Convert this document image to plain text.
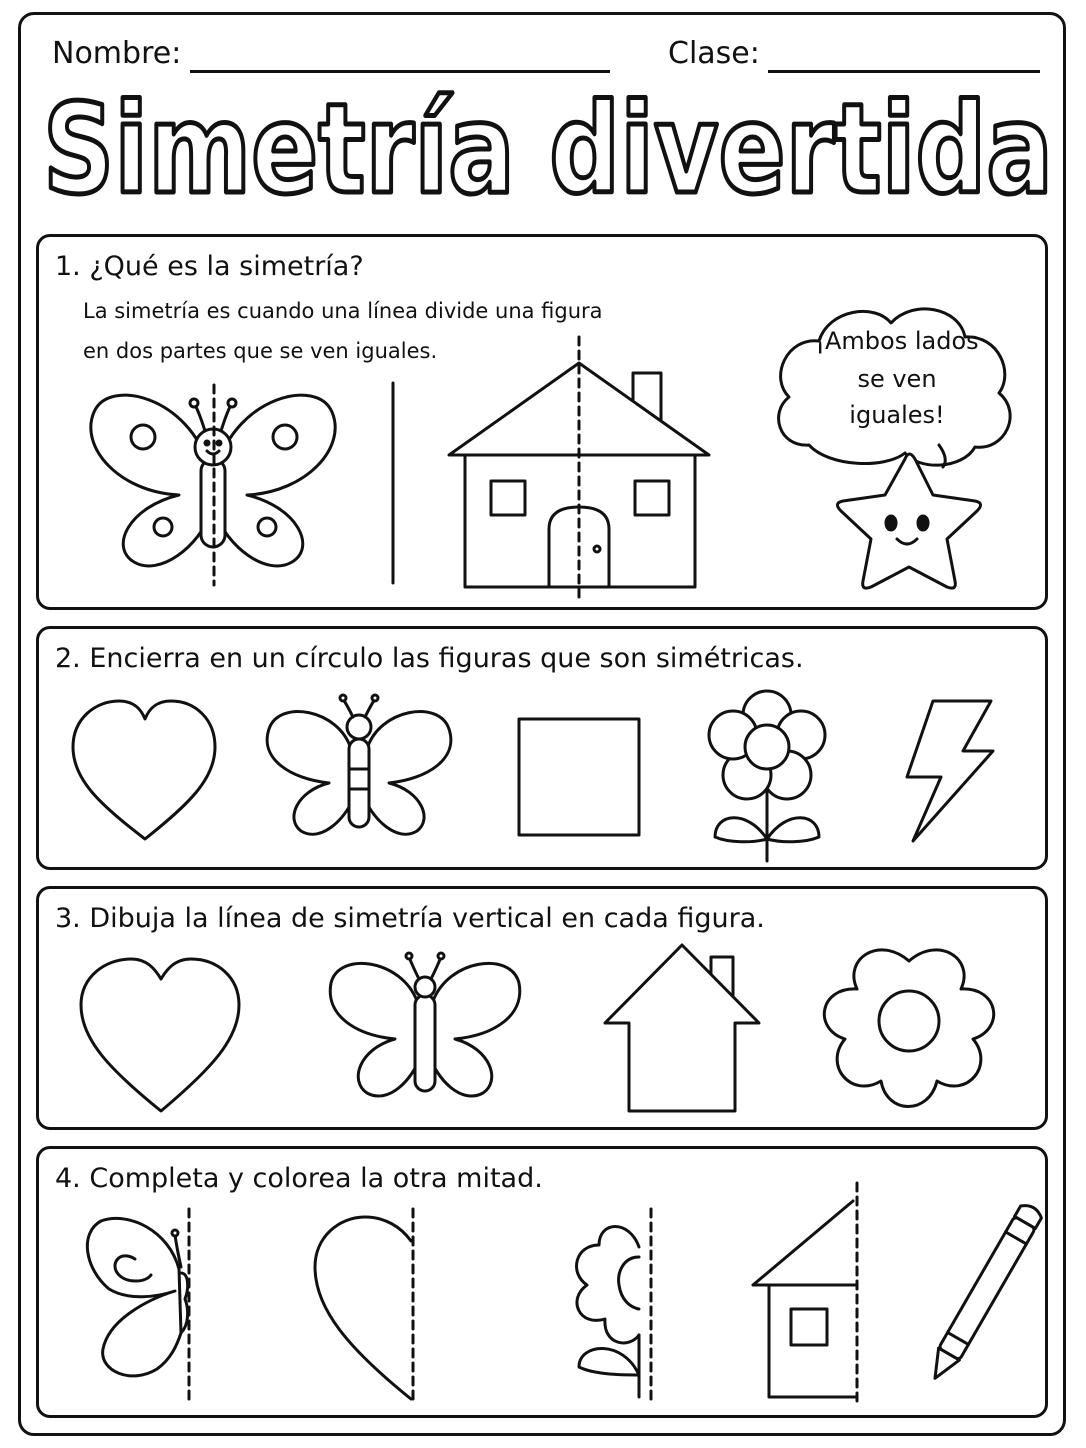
Nombre:	Clase:
Simetría divertida
1. ¿Qué es la simetría?
La simetría es cuando una línea divide una figura
en dos partes que se ven iguales.	¡Ambos lados
se ven
iguales!
2. Encierra en un círculo las figuras que son simétricas.
3. Dibuja la línea de simetría vertical en cada figura.
4. Completa y colorea la otra mitad.
